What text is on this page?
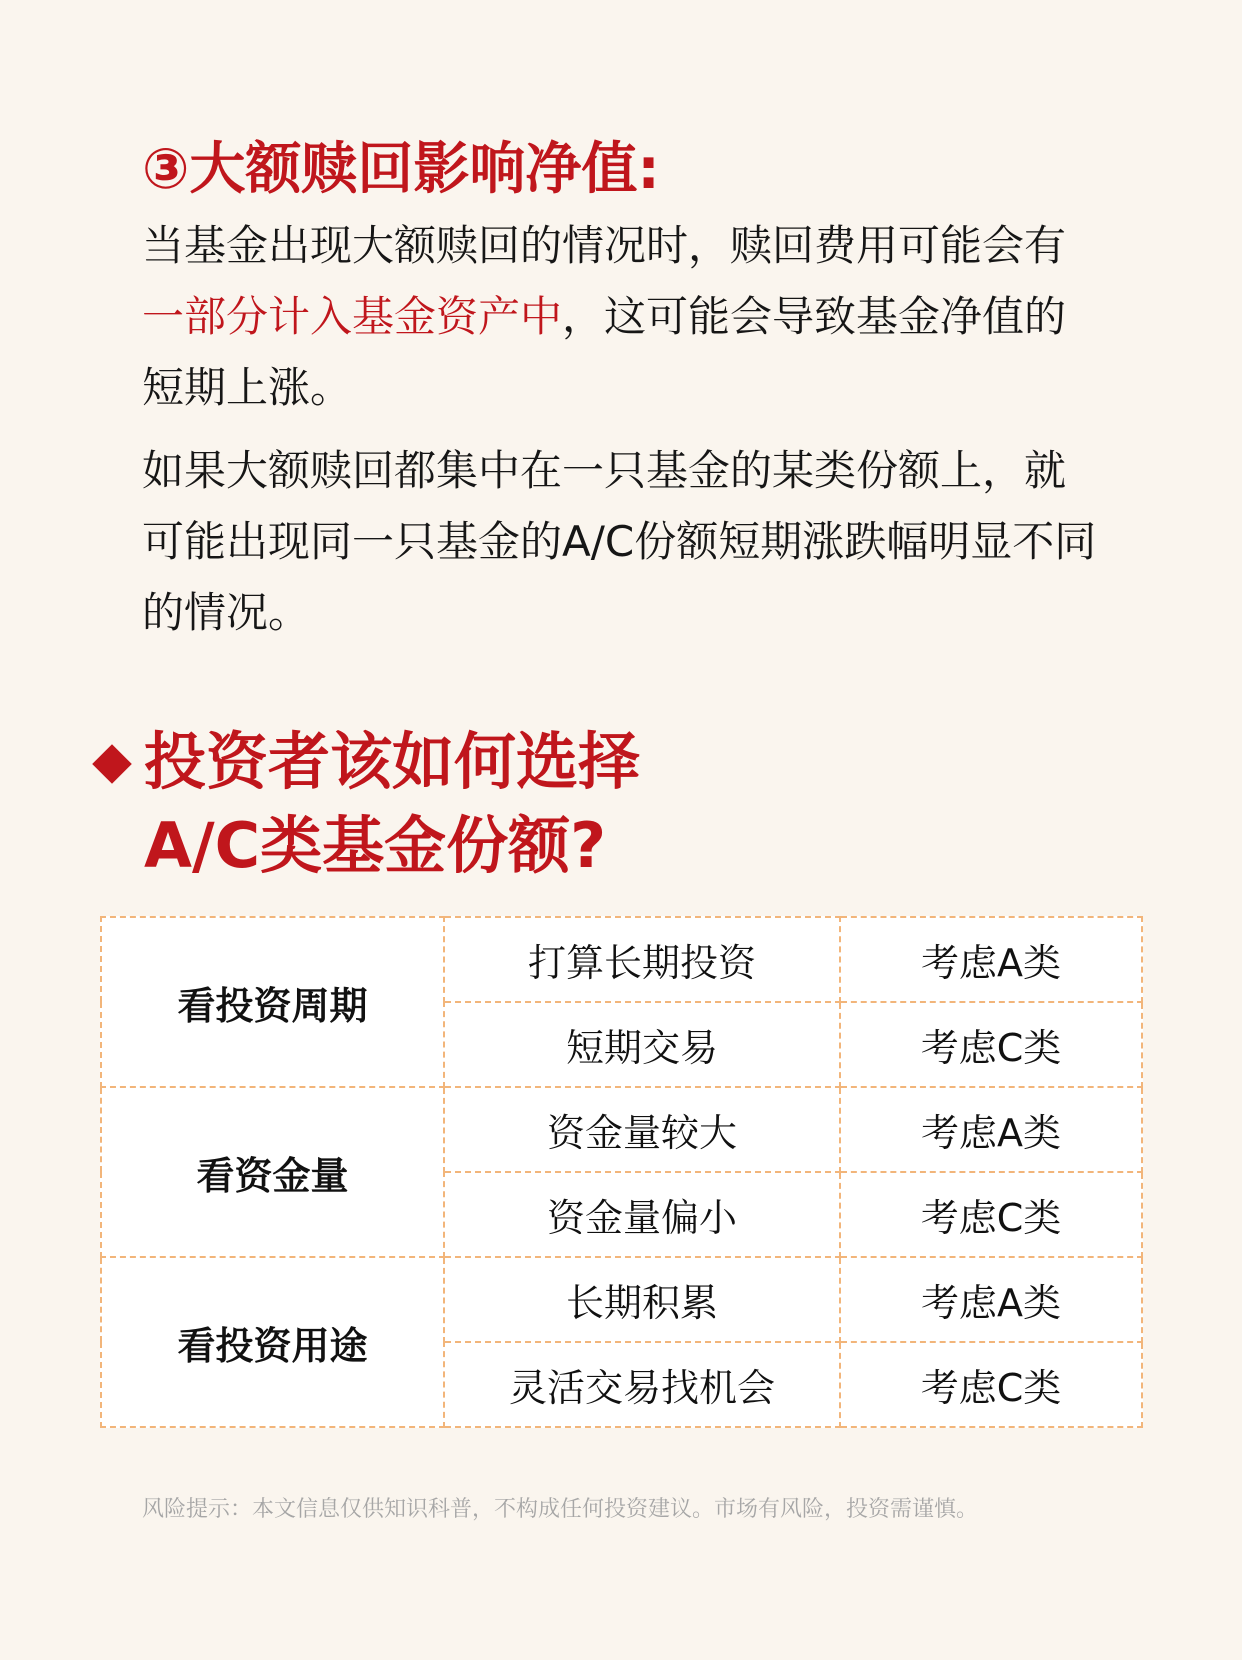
③大额赎回影响净值:

当基金出现大额赎回的情况时，赎回费用可能会有一部分计入基金资产中，这可能会导致基金净值的短期上涨。

如果大额赎回都集中在一只基金的某类份额上，就可能出现同一只基金的A/C份额短期涨跌幅明显不同的情况。

投资者该如何选择
A/C类基金份额?
看投资周期	打算长期投资	考虑A类
	短期交易	考虑C类
看资金量	资金量较大	考虑A类
	资金量偏小	考虑C类
看投资用途	长期积累	考虑A类
	灵活交易找机会	考虑C类
风险提示：本文信息仅供知识科普，不构成任何投资建议。市场有风险，投资需谨慎。
